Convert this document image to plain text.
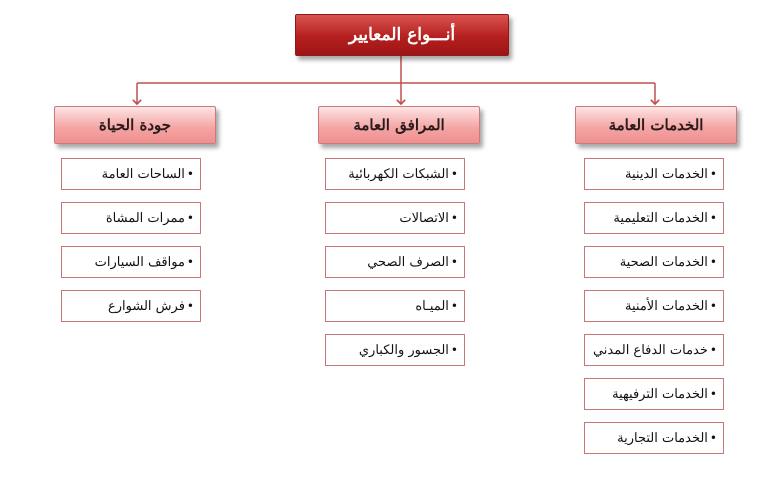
أنـــواع المعايير
الخدمات العامة
المرافق العامة
جودة الحياة
•
الخدمات الدينية
•
الخدمات التعليمية
•
الخدمات الصحية
•
الخدمات الأمنية
•
خدمات الدفاع المدني
•
الخدمات الترفيهية
•
الخدمات التجارية
•
الشبكات الكهربائية
•
الاتصالات
•
الصرف الصحي
•
الميـاه
•
الجسور والكباري
•
الساحات العامة
•
ممرات المشاة
•
مواقف السيارات
•
فرش الشوارع
